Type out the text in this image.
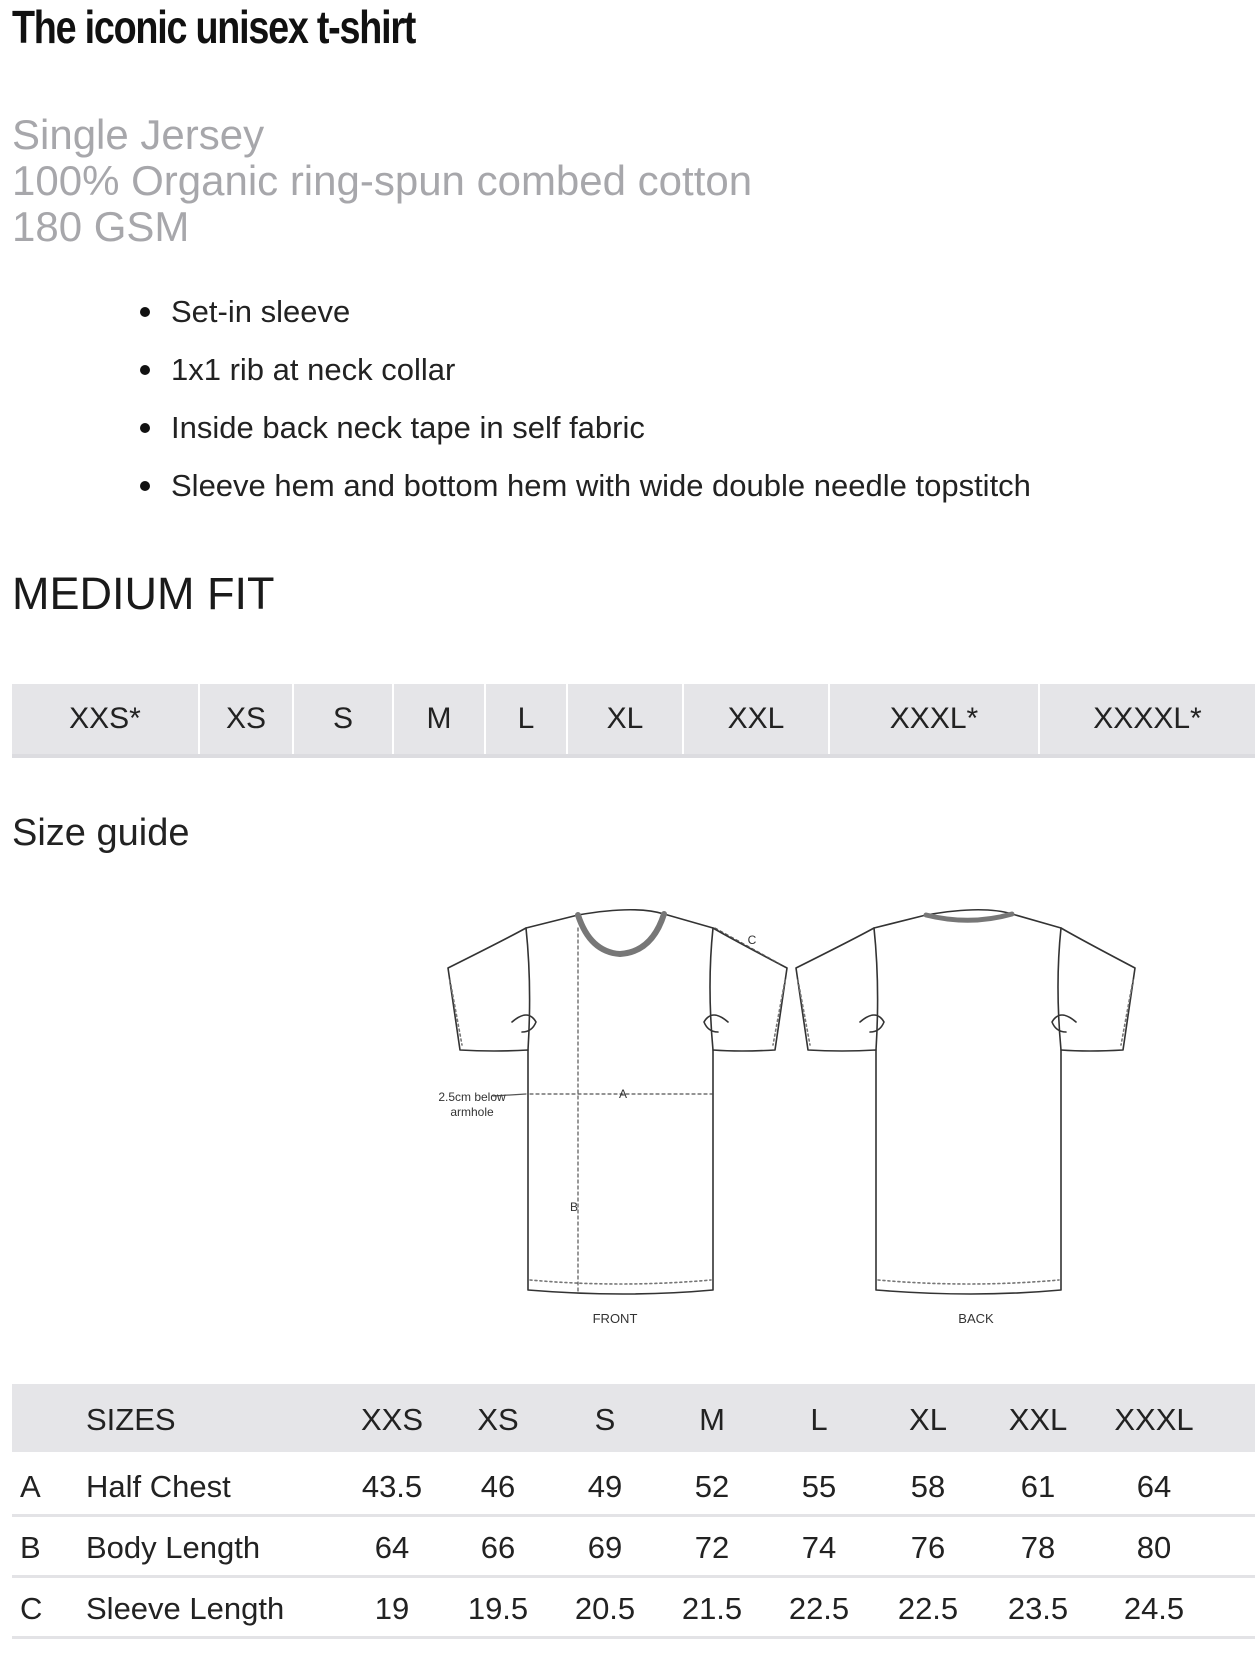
The iconic unisex t-shirt
Single Jersey
100% Organic ring-spun combed cotton
180 GSM
Set-in sleeve
1x1 rib at neck collar
Inside back neck tape in self fabric
Sleeve hem and bottom hem with wide double needle topstitch
MEDIUM FIT
XXS*	XS	S	M	L	XL	XXL	XXXL*	XXXXL*
Size guide
A
B
C
2.5cm below
armhole
FRONT	BACK
SIZES	XXS	XS	S	M	L	XL	XXL	XXXL
A Half Chest	43.5	46	49	52	55	58	61	64
B Body Length	64	66	69	72	74	76	78	80
C Sleeve Length	19	19.5	20.5	21.5	22.5	22.5	23.5	24.5
